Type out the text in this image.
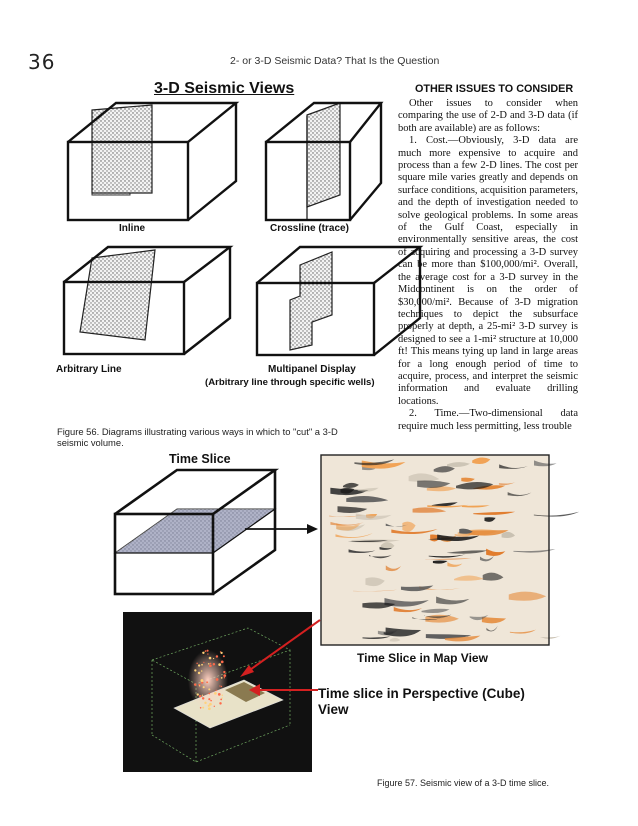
36	2- or 3-D Seismic Data? That Is the Question
3-D Seismic Views
Inline	Crossline (trace)
Arbitrary Line	Multipanel Display
(Arbitrary line through specific wells)
Figure 56. Diagrams illustrating various ways in which to "cut" a 3-D seismic volume.
OTHER ISSUES TO CONSIDER

Other issues to consider when comparing the use of 2-D and 3-D data (if both are available) are as follows:

1. Cost.—Obviously, 3-D data are much more expensive to acquire and process than a few 2-D lines. The cost per square mile varies greatly and depends on surface conditions, acquisition parameters, and the depth of investigation needed to solve geological problems. In some areas of the Gulf Coast, especially in environmentally sensitive areas, the cost of acquiring and processing a 3-D survey can be more than $100,000/mi². Overall, the average cost for a 3-D survey in the Midcontinent is on the order of $30,000/mi². Because of 3-D migration techniques to depict the subsurface properly at depth, a 25-mi² 3-D survey is designed to see a 1-mi² structure at 10,000 ft! This means tying up land in large areas for a long enough period of time to acquire, process, and interpret the seismic information and evaluate drilling locations.

2. Time.—Two-dimensional data require much less permitting, less trouble

Time Slice
Time Slice in Map View
Time slice in Perspective (Cube) View
Figure 57. Seismic view of a 3-D time slice.
